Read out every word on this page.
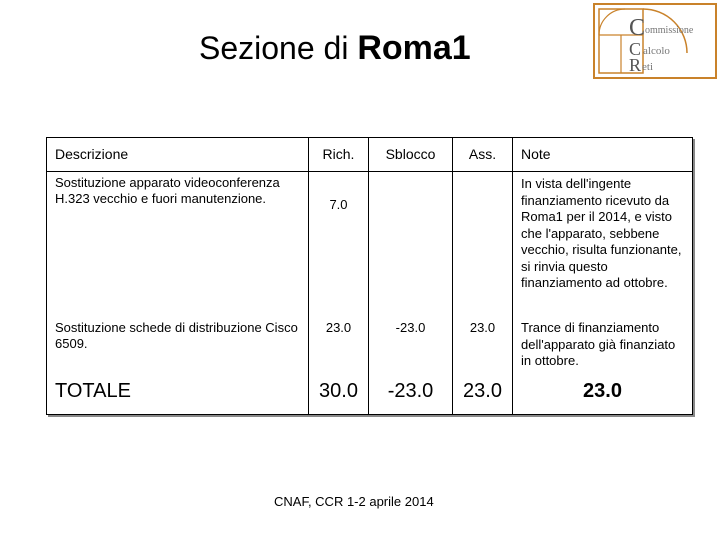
Sezione di Roma1
C
C
R
ommissione
alcolo
eti
Descrizione	Rich.	Sblocco	Ass.	Note

Sostituzione apparato videoconferenza H.323 vecchio e fuori manutenzione.	7.0			In vista dell'ingente finanziamento ricevuto da Roma1 per il 2014, e visto che l'apparato, sebbene vecchio, risulta funzionante, si rinvia questo finanziamento ad ottobre.

Sostituzione schede di distribuzione Cisco 6509.	23.0	-23.0	23.0	Trance di finanziamento dell'apparato già finanziato in ottobre.

TOTALE	30.0	-23.0	23.0	23.0
CNAF, CCR 1-2 aprile 2014
